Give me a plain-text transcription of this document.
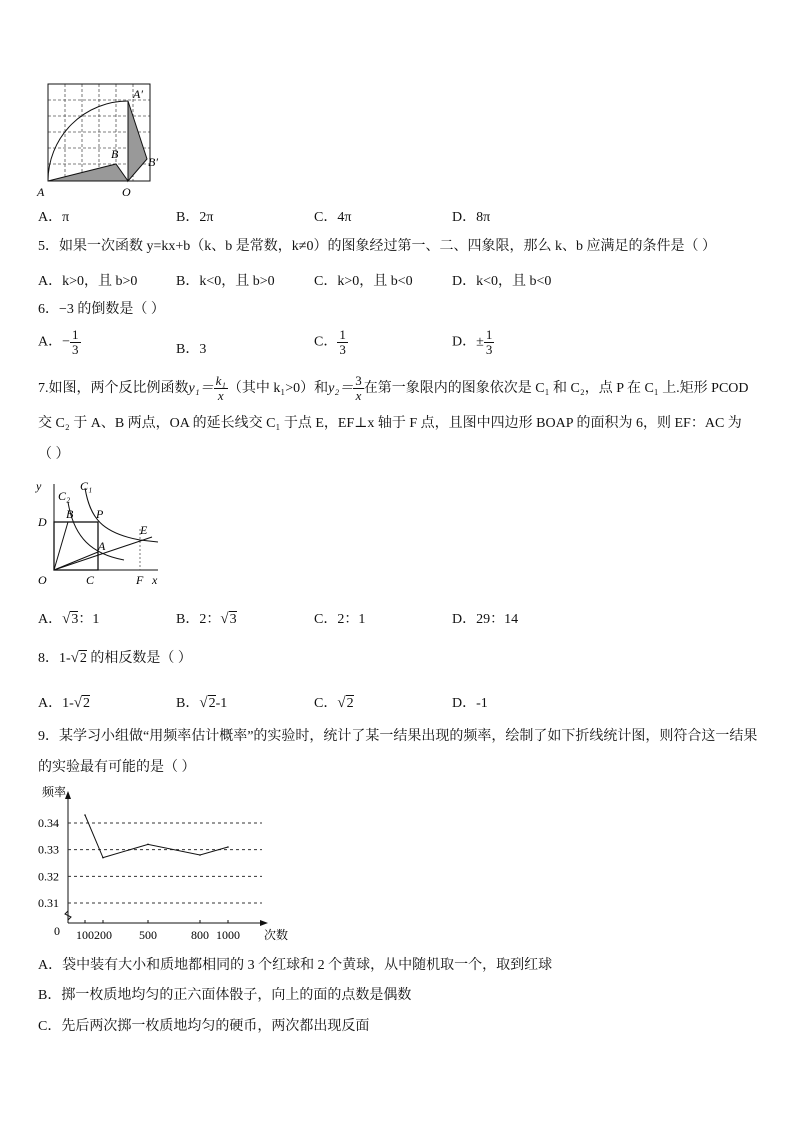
A	O
A′
B
B′
A．π	B．2π	C．4π	D．8π
5．如果一次函数 y=kx+b（k、b 是常数，k≠0）的图象经过第一、二、四象限，那么 k、b 应满足的条件是（ ）
A．k>0，且 b>0	B．k<0，且 b>0	C．k>0，且 b<0	D．k<0，且 b<0
6．−3 的倒数是（ ）
A．− $\frac{1}{3}$	B．3	C． $\frac{1}{3}$	D．± $\frac{1}{3}$
7.如图，两个反比例函数$y_1= \frac{\text{k₁}}{x}$ （其中 k₁>0）和$y_2= \frac{3}{x}$ 在第一象限内的图象依次是 C₁ 和 C₂，点 P 在 C₁ 上.矩形 PCOD
交 C₂ 于 A、B 两点，OA 的延长线交 C₁ 于点 E，EF⊥x 轴于 F 点，且图中四边形 BOAP 的面积为 6，则 EF：AC 为
（ ）
y
C₂
C₁
D
B P
E
A
O	C	F x
A．√3：1	B．2：√3	C．2：1	D．29：14
8．1-√2 的相反数是（ ）
A．1-√2	B．√2-1	C．√2	D．-1
9．某学习小组做“用频率估计概率”的实验时，统计了某一结果出现的频率，绘制了如下折线统计图，则符合这一结果
的实验最有可能的是（ ）
0.31
0.32
0.33
0.34
100 200 500	800 1000
频率
次数
0
A．袋中装有大小和质地都相同的 3 个红球和 2 个黄球，从中随机取一个，取到红球
B．掷一枚质地均匀的正六面体骰子，向上的面的点数是偶数
C．先后两次掷一枚质地均匀的硬币，两次都出现反面
